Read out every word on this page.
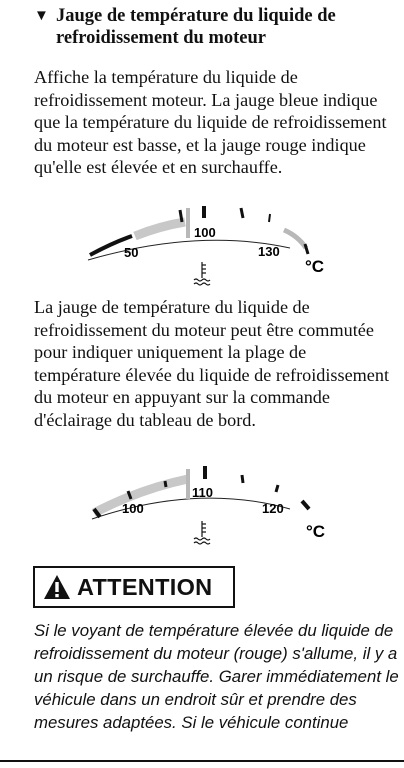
▼ Jauge de température du liquide de
refroidissement du moteur

Affiche la température du liquide de refroidissement moteur. La jauge bleue indique que la température du liquide de refroidissement du moteur est basse, et la jauge rouge indique qu'elle est élevée et en surchauffe.

50
100
130
°C

La jauge de température du liquide de refroidissement du moteur peut être commutée pour indiquer uniquement la plage de température élevée du liquide de refroidissement du moteur en appuyant sur la commande d'éclairage du tableau de bord.

100
110
120
°C
ATTENTION

Si le voyant de température élevée du liquide de refroidissement du moteur (rouge) s'allume, il y a un risque de surchauffe. Garer immédiatement le véhicule dans un endroit sûr et prendre des mesures adaptées. Si le véhicule continue
